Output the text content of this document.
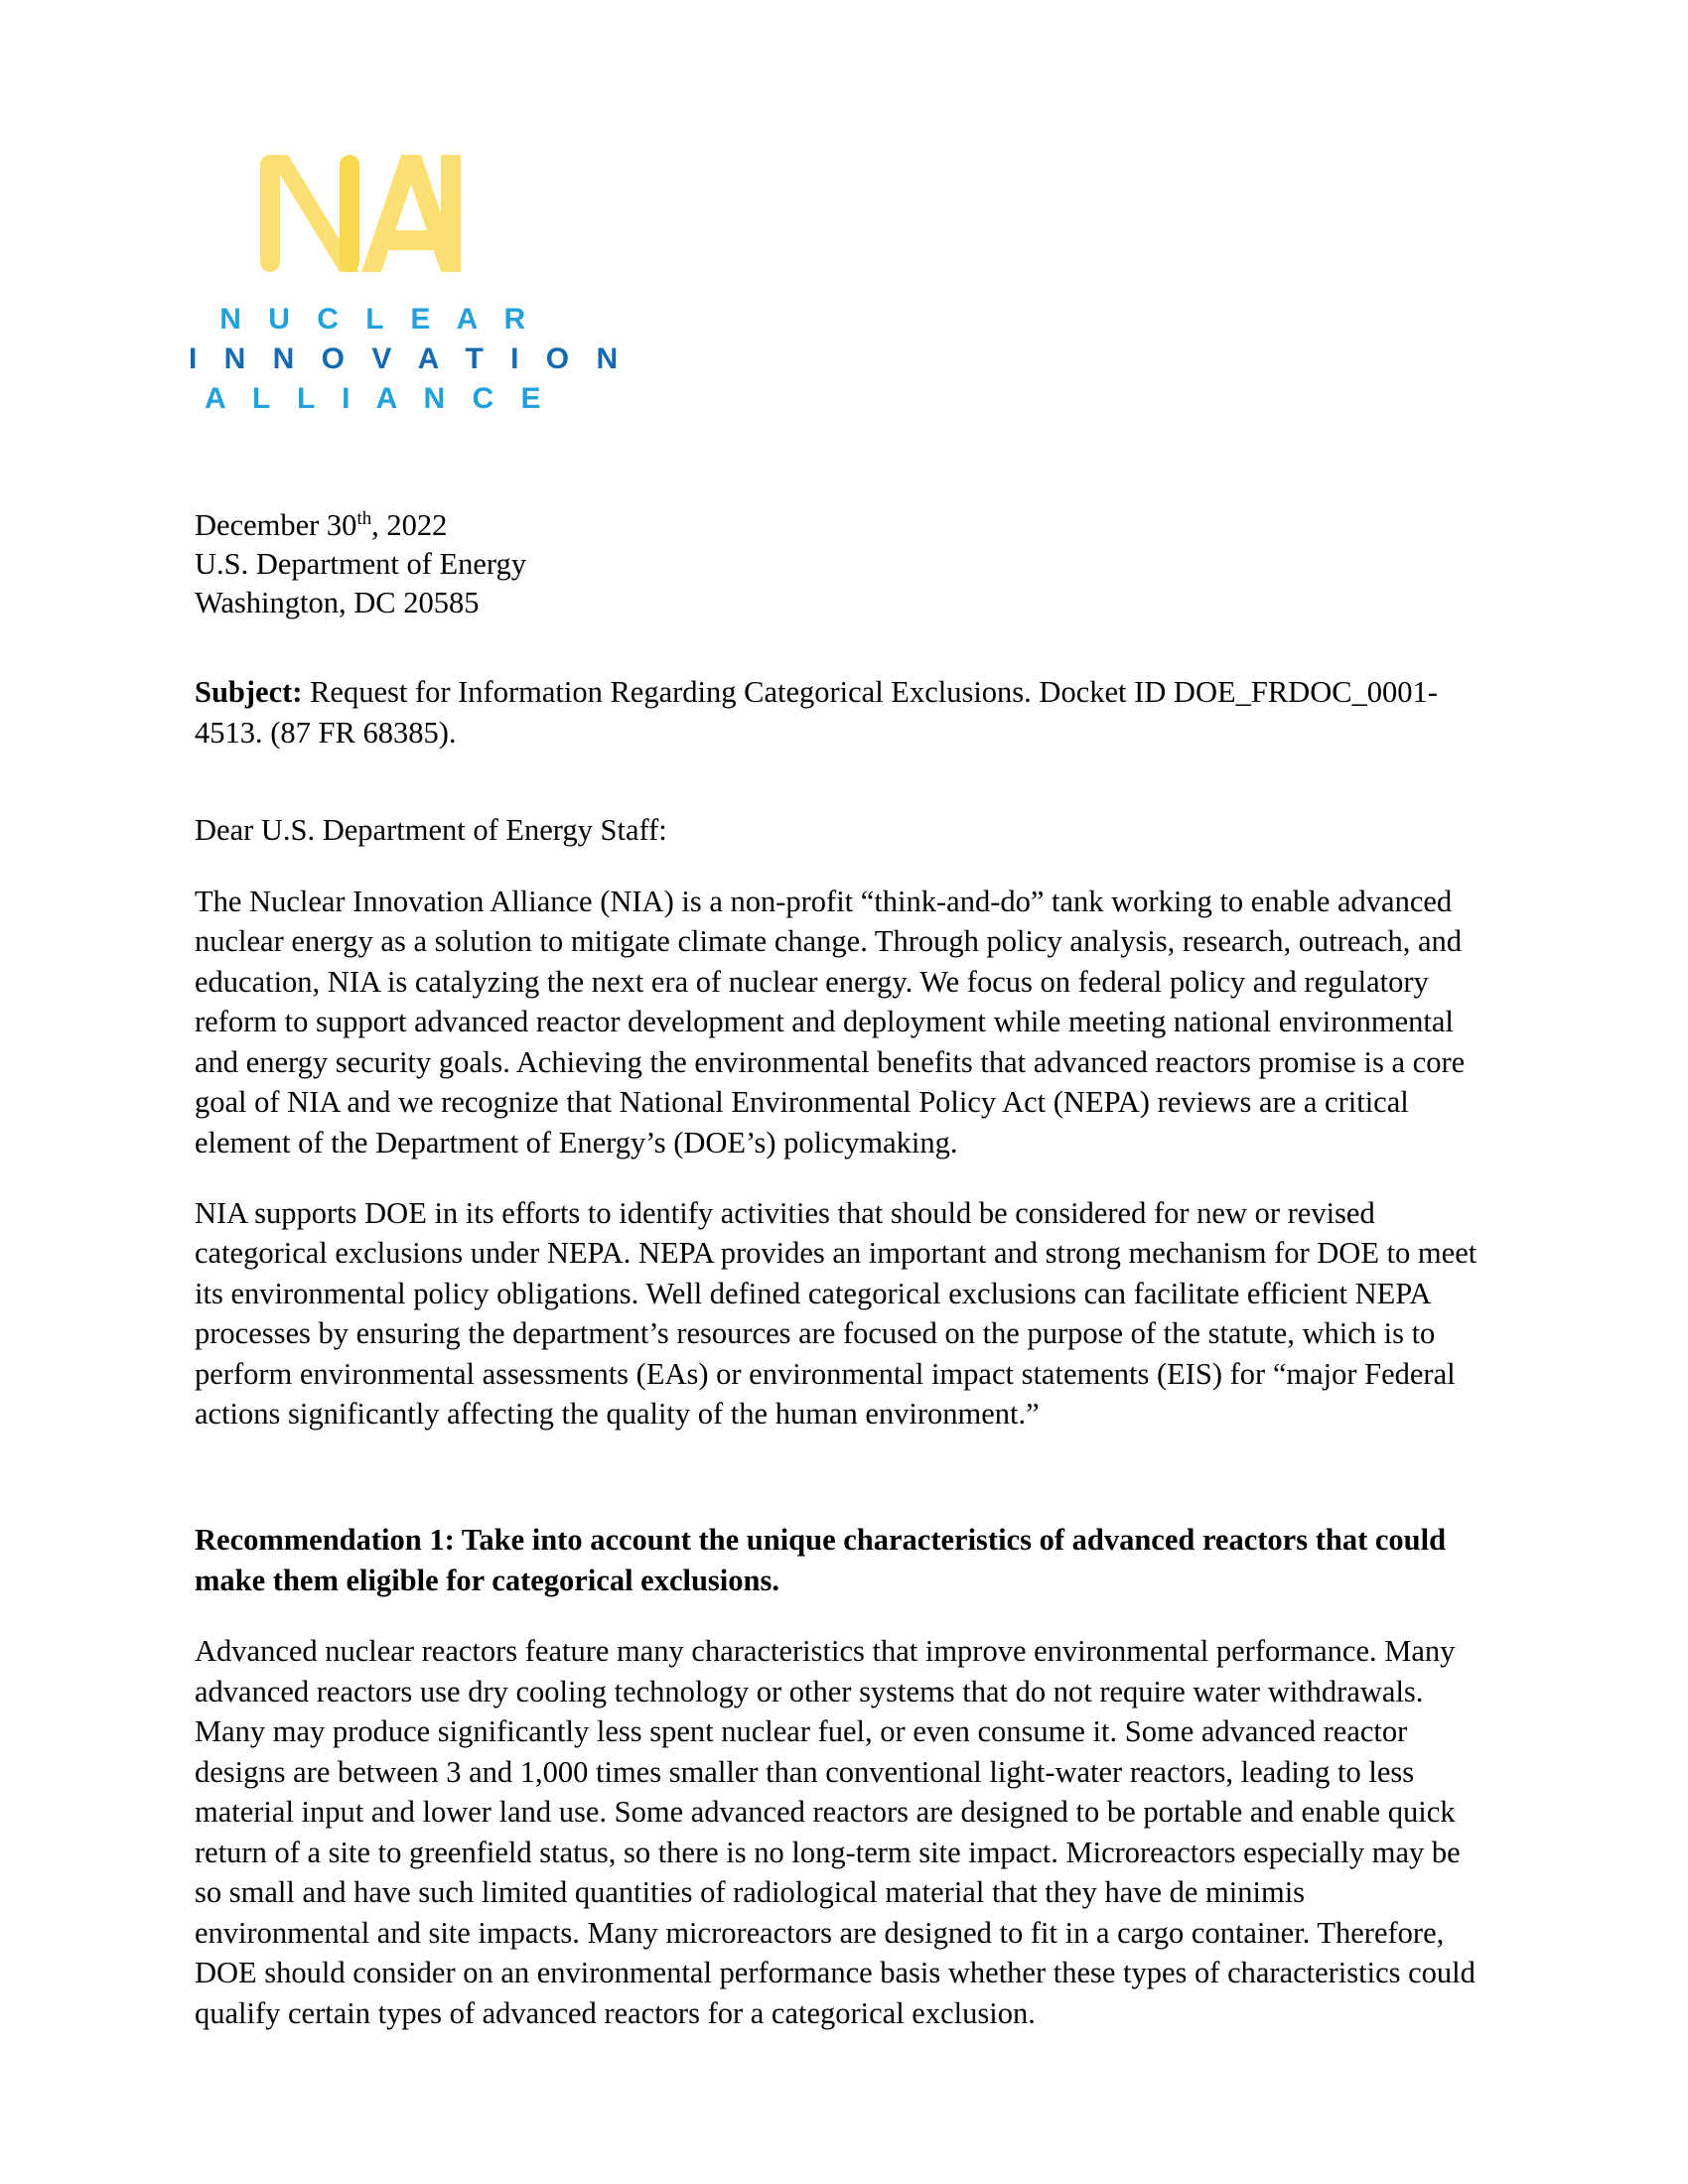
N U C L E A R
I N N O V A T I O N
A L L I A N C E
December 30th, 2022
U.S. Department of Energy
Washington, DC 20585

Subject: Request for Information Regarding Categorical Exclusions. Docket ID DOE_FRDOC_0001-4513. (87 FR 68385).

Dear U.S. Department of Energy Staff:

The Nuclear Innovation Alliance (NIA) is a non-profit “think-and-do” tank working to enable advanced nuclear energy as a solution to mitigate climate change. Through policy analysis, research, outreach, and education, NIA is catalyzing the next era of nuclear energy. We focus on federal policy and regulatory reform to support advanced reactor development and deployment while meeting national environmental and energy security goals. Achieving the environmental benefits that advanced reactors promise is a core goal of NIA and we recognize that National Environmental Policy Act (NEPA) reviews are a critical element of the Department of Energy’s (DOE’s) policymaking.

NIA supports DOE in its efforts to identify activities that should be considered for new or revised categorical exclusions under NEPA. NEPA provides an important and strong mechanism for DOE to meet its environmental policy obligations. Well defined categorical exclusions can facilitate efficient NEPA processes by ensuring the department’s resources are focused on the purpose of the statute, which is to perform environmental assessments (EAs) or environmental impact statements (EIS) for “major Federal actions significantly affecting the quality of the human environment.”

Recommendation 1: Take into account the unique characteristics of advanced reactors that could make them eligible for categorical exclusions.

Advanced nuclear reactors feature many characteristics that improve environmental performance. Many advanced reactors use dry cooling technology or other systems that do not require water withdrawals. Many may produce significantly less spent nuclear fuel, or even consume it. Some advanced reactor designs are between 3 and 1,000 times smaller than conventional light-water reactors, leading to less material input and lower land use. Some advanced reactors are designed to be portable and enable quick return of a site to greenfield status, so there is no long-term site impact. Microreactors especially may be so small and have such limited quantities of radiological material that they have de minimis environmental and site impacts. Many microreactors are designed to fit in a cargo container. Therefore, DOE should consider on an environmental performance basis whether these types of characteristics could qualify certain types of advanced reactors for a categorical exclusion.
